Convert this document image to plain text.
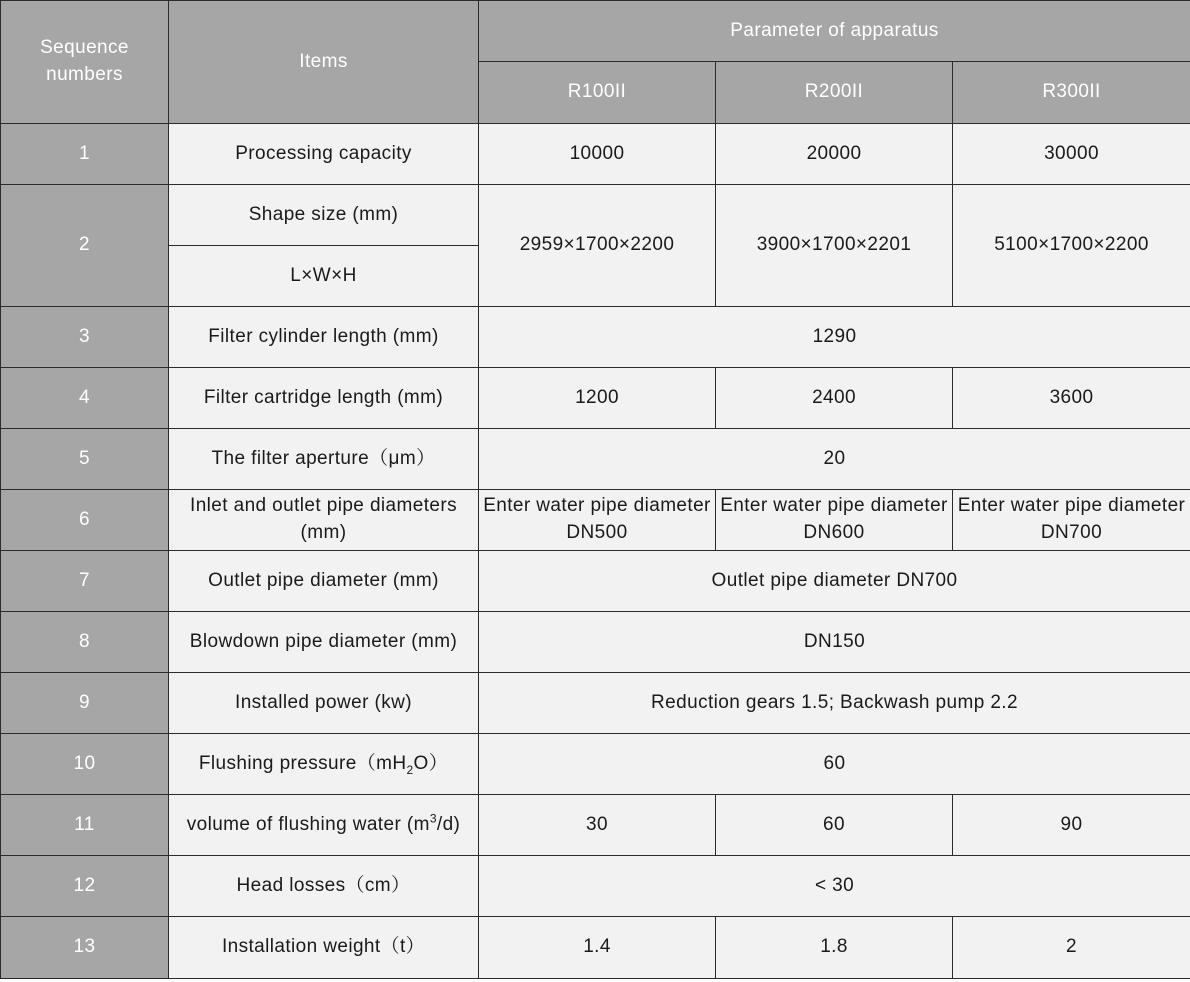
Sequence numbers	Items	Parameter of apparatus		
		R100II	R200II	R300II
1	Processing capacity	10000	20000	30000
2	Shape size (mm)	2959×1700×2200	3900×1700×2201	5100×1700×2200
	L×W×H			
3	Filter cylinder length (mm)	1290		
4	Filter cartridge length (mm)	1200	2400	3600
5	The filter aperture（μm）	20		
6	Inlet and outlet pipe diameters (mm)	Enter water pipe diameter DN500	Enter water pipe diameter DN600	Enter water pipe diameter DN700
7	Outlet pipe diameter (mm)	Outlet pipe diameter DN700		
8	Blowdown pipe diameter (mm)	DN150		
9	Installed power (kw)	Reduction gears 1.5; Backwash pump 2.2		
10	Flushing $pressure(mH_2O)$	60		
11	volume of flushing water $(m^3/d)$	30	60	90
12	Head losses（cm）	< 30		
13	Installation weight（t）	1.4	1.8	2
